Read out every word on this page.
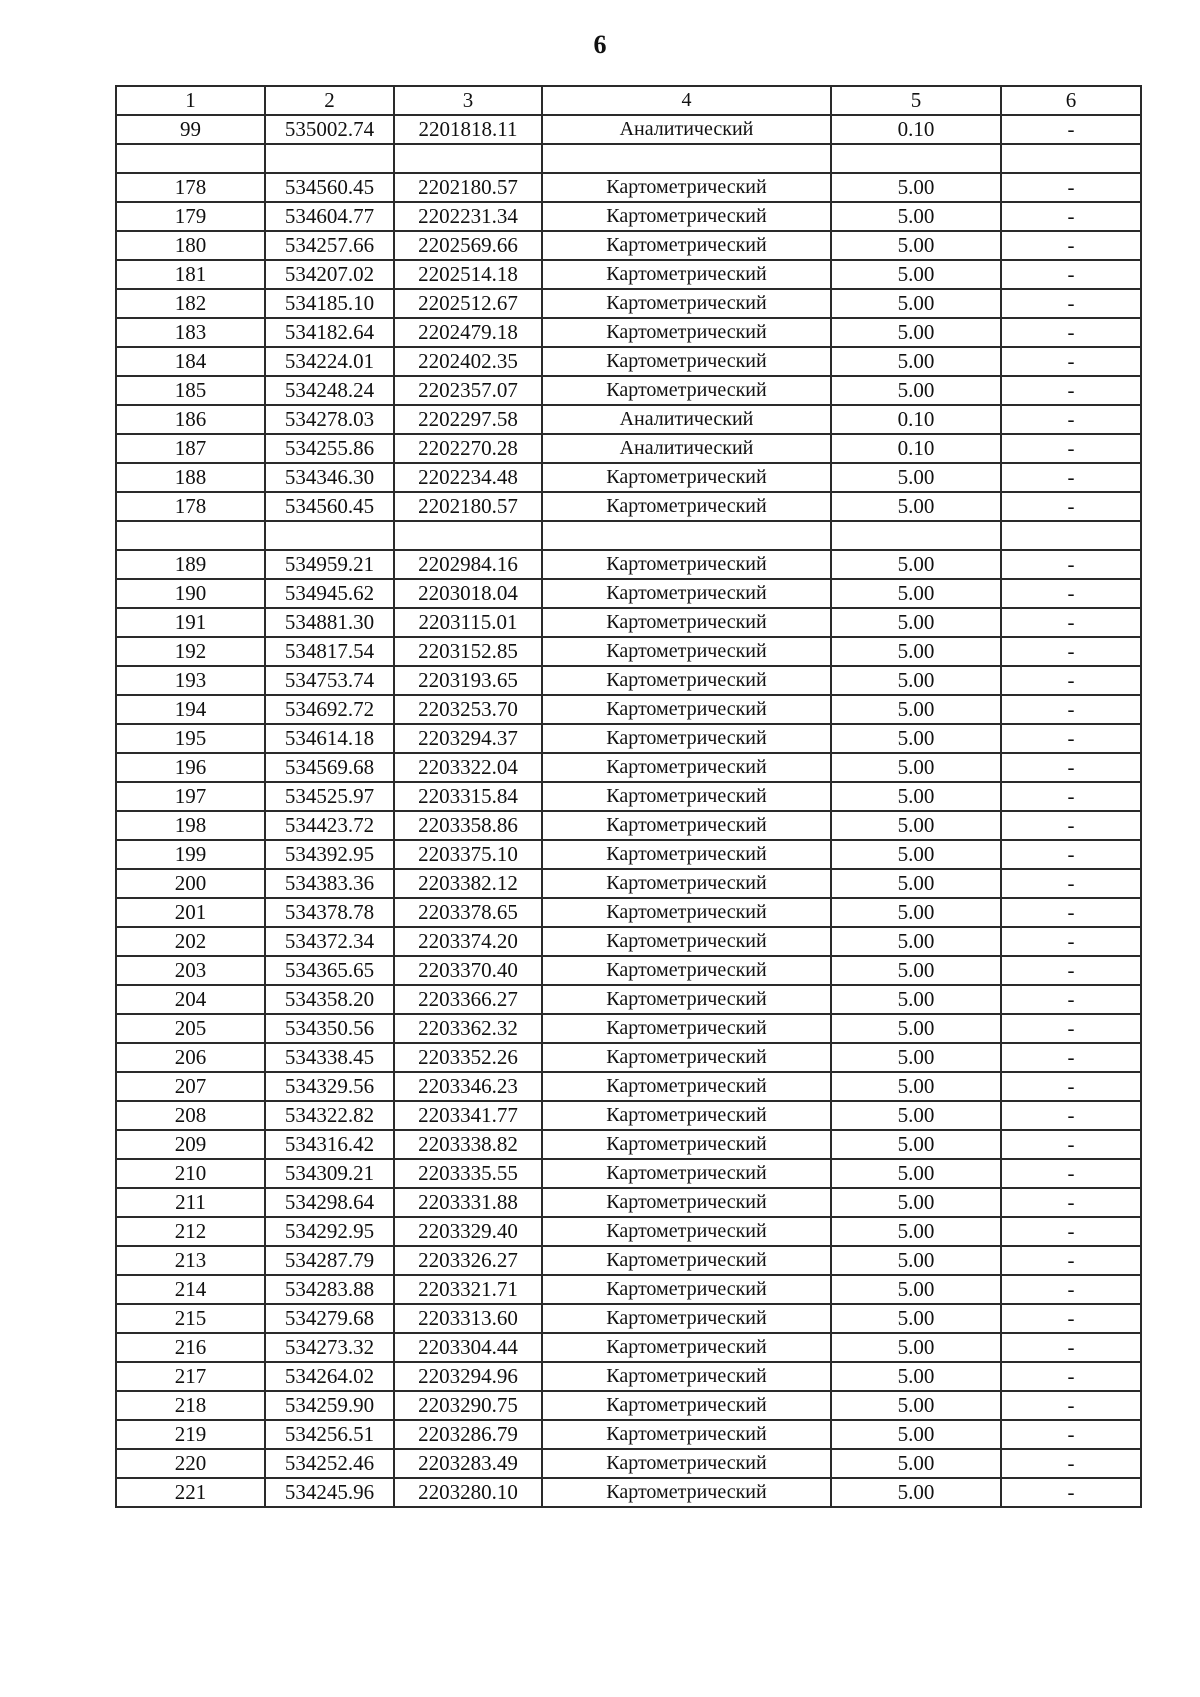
6
1	2	3	4	5	6
99	535002.74	2201818.11	Аналитический	0.10	-

178	534560.45	2202180.57	Картометрический	5.00	-
179	534604.77	2202231.34	Картометрический	5.00	-
180	534257.66	2202569.66	Картометрический	5.00	-
181	534207.02	2202514.18	Картометрический	5.00	-
182	534185.10	2202512.67	Картометрический	5.00	-
183	534182.64	2202479.18	Картометрический	5.00	-
184	534224.01	2202402.35	Картометрический	5.00	-
185	534248.24	2202357.07	Картометрический	5.00	-
186	534278.03	2202297.58	Аналитический	0.10	-
187	534255.86	2202270.28	Аналитический	0.10	-
188	534346.30	2202234.48	Картометрический	5.00	-
178	534560.45	2202180.57	Картометрический	5.00	-

189	534959.21	2202984.16	Картометрический	5.00	-
190	534945.62	2203018.04	Картометрический	5.00	-
191	534881.30	2203115.01	Картометрический	5.00	-
192	534817.54	2203152.85	Картометрический	5.00	-
193	534753.74	2203193.65	Картометрический	5.00	-
194	534692.72	2203253.70	Картометрический	5.00	-
195	534614.18	2203294.37	Картометрический	5.00	-
196	534569.68	2203322.04	Картометрический	5.00	-
197	534525.97	2203315.84	Картометрический	5.00	-
198	534423.72	2203358.86	Картометрический	5.00	-
199	534392.95	2203375.10	Картометрический	5.00	-
200	534383.36	2203382.12	Картометрический	5.00	-
201	534378.78	2203378.65	Картометрический	5.00	-
202	534372.34	2203374.20	Картометрический	5.00	-
203	534365.65	2203370.40	Картометрический	5.00	-
204	534358.20	2203366.27	Картометрический	5.00	-
205	534350.56	2203362.32	Картометрический	5.00	-
206	534338.45	2203352.26	Картометрический	5.00	-
207	534329.56	2203346.23	Картометрический	5.00	-
208	534322.82	2203341.77	Картометрический	5.00	-
209	534316.42	2203338.82	Картометрический	5.00	-
210	534309.21	2203335.55	Картометрический	5.00	-
211	534298.64	2203331.88	Картометрический	5.00	-
212	534292.95	2203329.40	Картометрический	5.00	-
213	534287.79	2203326.27	Картометрический	5.00	-
214	534283.88	2203321.71	Картометрический	5.00	-
215	534279.68	2203313.60	Картометрический	5.00	-
216	534273.32	2203304.44	Картометрический	5.00	-
217	534264.02	2203294.96	Картометрический	5.00	-
218	534259.90	2203290.75	Картометрический	5.00	-
219	534256.51	2203286.79	Картометрический	5.00	-
220	534252.46	2203283.49	Картометрический	5.00	-
221	534245.96	2203280.10	Картометрический	5.00	-
